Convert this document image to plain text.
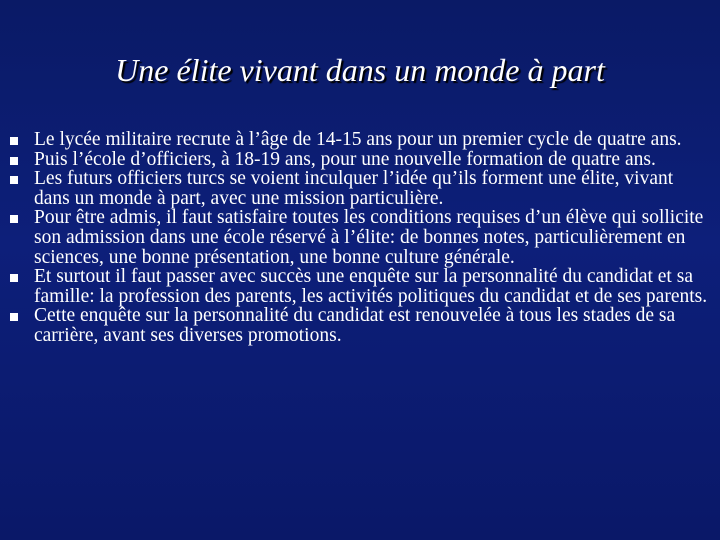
Une élite vivant dans un monde à part
Le lycée militaire recrute à l’âge de 14-15 ans pour un premier cycle de quatre ans.
Puis l’école d’officiers, à 18-19 ans, pour une nouvelle formation de quatre ans.
Les futurs officiers turcs se voient inculquer l’idée qu’ils forment une élite, vivant dans un monde à part, avec une mission particulière.
Pour être admis, il faut satisfaire toutes les conditions requises d’un élève qui sollicite son admission dans une école réservé à l’élite: de bonnes notes, particulièrement en sciences, une bonne présentation, une bonne culture générale.
Et surtout il faut passer avec succès une enquête sur la personnalité du candidat et sa famille: la profession des parents, les activités politiques du candidat et de ses parents.
Cette enquête sur la personnalité du candidat est renouvelée à tous les stades de sa carrière, avant ses diverses promotions.
